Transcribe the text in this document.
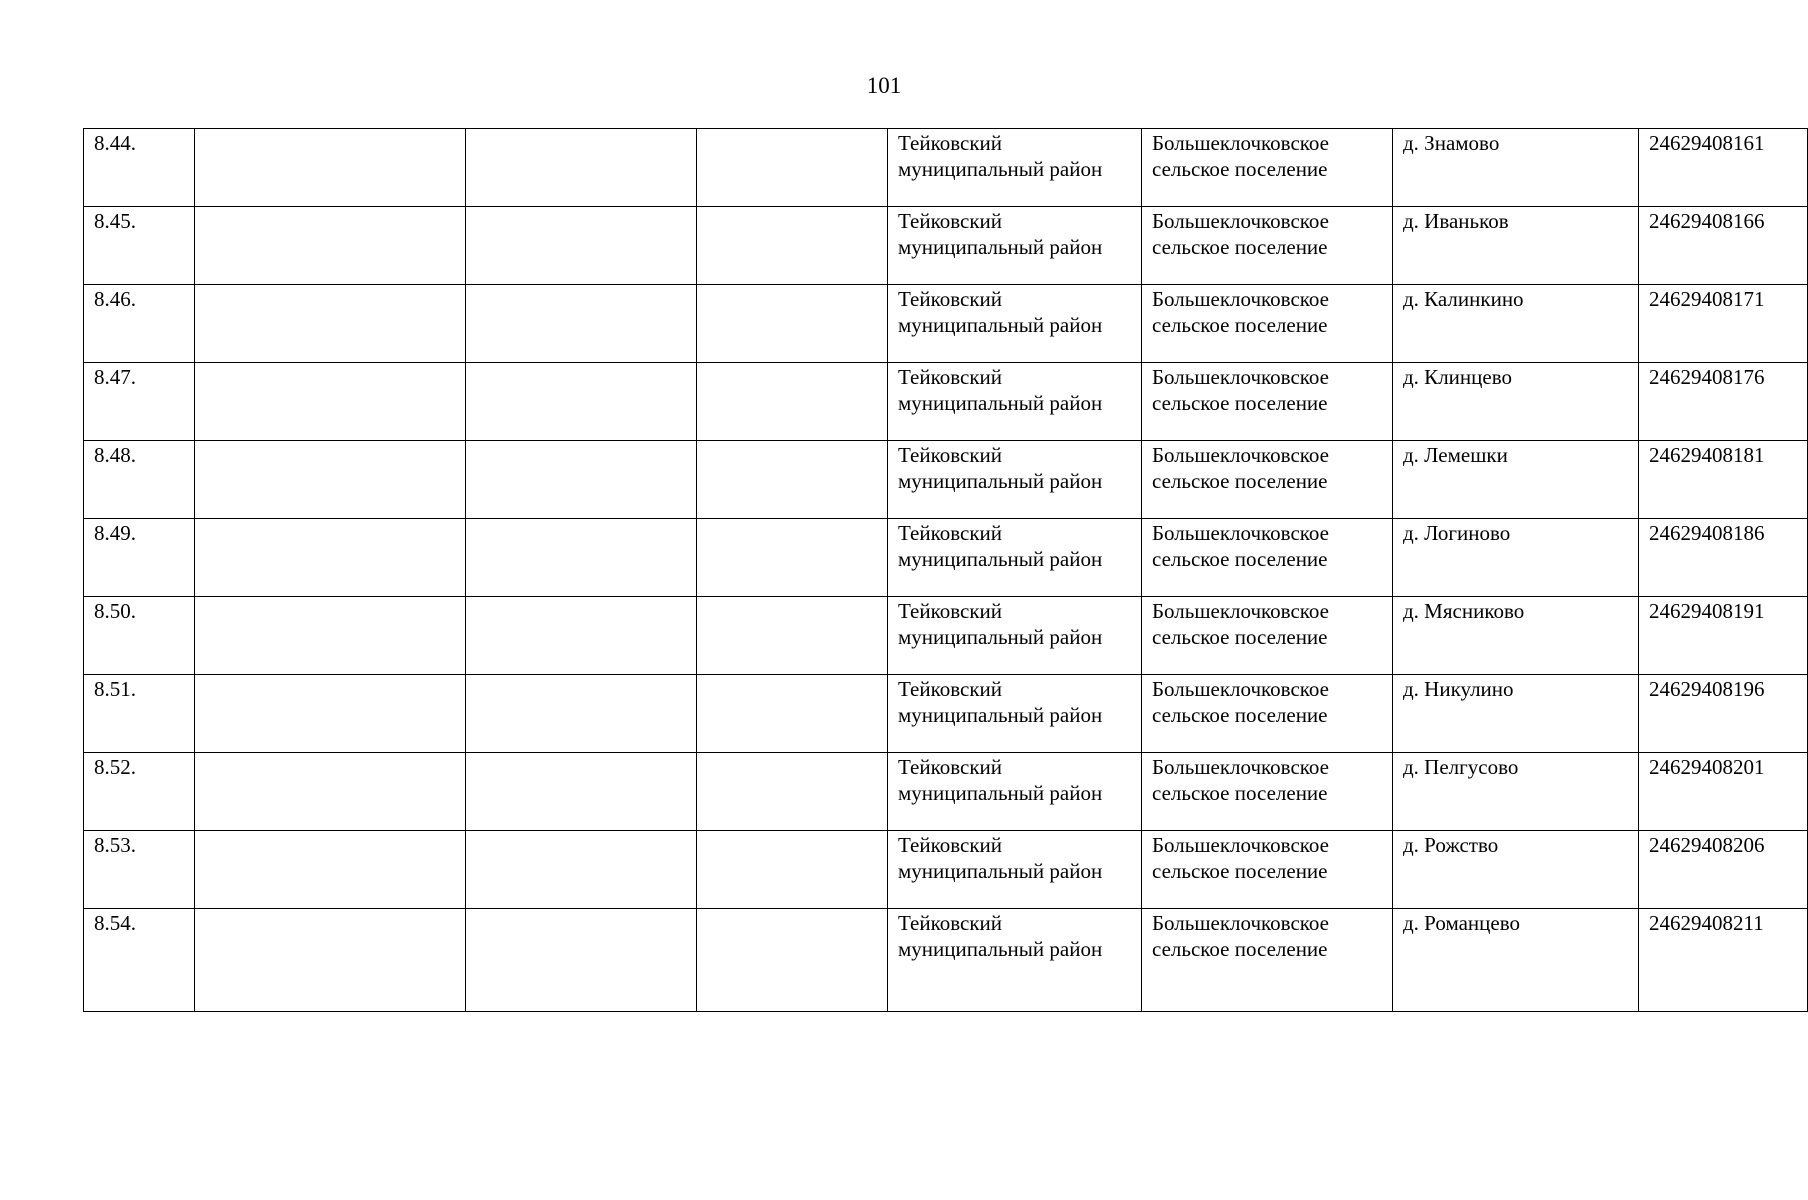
101
8.44.				Тейковский муниципальный район	Большеклочковское сельское поселение	д. Знамово	24629408161
8.45.				Тейковский муниципальный район	Большеклочковское сельское поселение	д. Иваньков	24629408166
8.46.				Тейковский муниципальный район	Большеклочковское сельское поселение	д. Калинкино	24629408171
8.47.				Тейковский муниципальный район	Большеклочковское сельское поселение	д. Клинцево	24629408176
8.48.				Тейковский муниципальный район	Большеклочковское сельское поселение	д. Лемешки	24629408181
8.49.				Тейковский муниципальный район	Большеклочковское сельское поселение	д. Логиново	24629408186
8.50.				Тейковский муниципальный район	Большеклочковское сельское поселение	д. Мясниково	24629408191
8.51.				Тейковский муниципальный район	Большеклочковское сельское поселение	д. Никулино	24629408196
8.52.				Тейковский муниципальный район	Большеклочковское сельское поселение	д. Пелгусово	24629408201
8.53.				Тейковский муниципальный район	Большеклочковское сельское поселение	д. Рожство	24629408206
8.54.				Тейковский муниципальный район	Большеклочковское сельское поселение	д. Романцево	24629408211
